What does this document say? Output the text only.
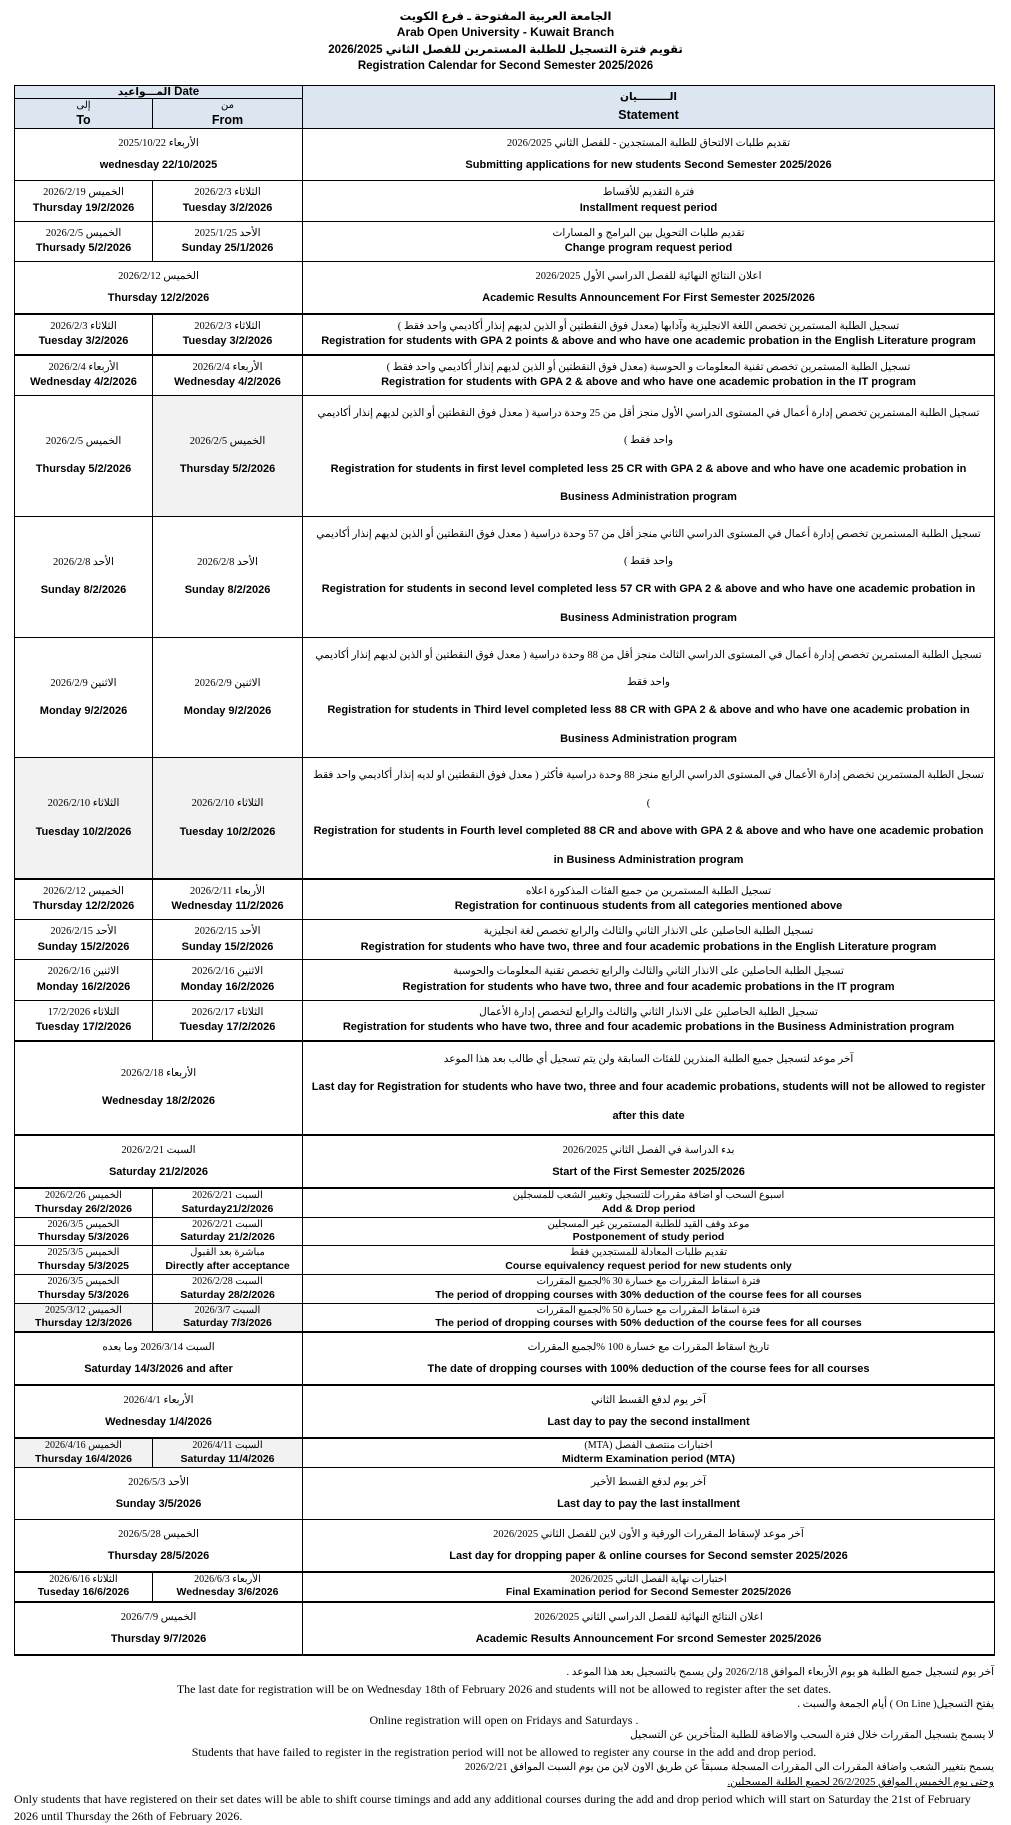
الجامعة العربية المفتوحة ـ فرع الكويت
Arab Open University - Kuwait Branch
تقويم فترة التسجيل للطلبة المستمرين للفصل الثاني 2026/2025
Registration Calendar for Second Semester 2025/2026
المـــواعيد Date		الـــــــــيان
Statement

إلى
To	من
From	

الأربعاء 2025/10/22
wednesday 22/10/2025		تقديم طلبات الالتحاق للطلبة المستجدين - للفصل الثاني 2026/2025
Submitting applications for new students Second Semester 2025/2026

الخميس 2026/2/19
Thursday 19/2/2026	الثلاثاء 2026/2/3
Tuesday 3/2/2026	فترة التقديم للأقساط
Installment request period

الخميس 2026/2/5
Thursady 5/2/2026	الأحد 2025/1/25
Sunday 25/1/2026	تقديم طلبات التحويل بين البرامج و المسارات
Change program request period

الخميس 2026/2/12
Thursday 12/2/2026		اعلان النتائج النهائية للفصل الدراسي الأول 2026/2025
Academic Results Announcement For First Semester 2025/2026

الثلاثاء 2026/2/3
Tuesday 3/2/2026	الثلاثاء 2026/2/3
Tuesday 3/2/2026	تسجيل الطلبة المستمرين تخصص اللغة الانجليزية وآدابها (معدل فوق النقطتين أو الذين لديهم إنذار أكاديمي واحد فقط )
Registration for students with GPA 2 points & above and who have one academic probation in the English Literature program

الأربعاء 2026/2/4
Wednesday 4/2/2026	الأربعاء 2026/2/4
Wednesday 4/2/2026	تسجيل الطلبة المستمرين تخصص تقنية المعلومات و الحوسبة (معدل فوق النقطتين أو الذين لديهم إنذار أكاديمي واحد فقط )
Registration for students with GPA 2 & above and who have one academic probation in the IT program

الخميس 2026/2/5
Thursday 5/2/2026	الخميس 2026/2/5
Thursday 5/2/2026	تسجيل الطلبة المستمرين تخصص إدارة أعمال في المستوى الدراسي الأول منجز أقل من 25 وحدة دراسية ( معدل فوق النقطتين أو الذين لديهم إنذار أكاديمي واحد فقط )
Registration for students in first level completed less 25 CR with GPA 2 & above and who have one academic probation in Business Administration program

الأحد 2026/2/8
Sunday 8/2/2026	الأحد 2026/2/8
Sunday 8/2/2026	تسجيل الطلبة المستمرين تخصص إدارة أعمال في المستوى الدراسي الثاني منجز أقل من 57 وحدة دراسية ( معدل فوق النقطتين أو الذين لديهم إنذار أكاديمي واحد فقط )
Registration for students in second level completed less 57 CR with GPA 2 & above and who have one academic probation in Business Administration program

الاثنين 2026/2/9
Monday 9/2/2026	الاثنين 2026/2/9
Monday 9/2/2026	تسجيل الطلبة المستمرين تخصص إدارة أعمال في المستوى الدراسي الثالث منجز أقل من 88 وحدة دراسية ( معدل فوق النقطتين أو الذين لديهم إنذار أكاديمي واحد فقط
Registration for students in Third level completed less 88 CR with GPA 2 & above and who have one academic probation in Business Administration program

الثلاثاء 2026/2/10
Tuesday 10/2/2026	الثلاثاء 2026/2/10
Tuesday 10/2/2026	تسجل الطلبة المستمرين تخصص إدارة الأعمال في المستوى الدراسي الرابع منجز 88 وحدة دراسية فأكثر ( معدل فوق النقطتين او لديه إنذار أكاديمي واحد فقط )
Registration for students in Fourth level completed 88 CR and above with GPA 2 & above and who have one academic probation in Business Administration program

الخميس 2026/2/12
Thursday 12/2/2026	الأربعاء 2026/2/11
Wednesday 11/2/2026	تسجيل الطلبة المستمرين من جميع الفئات المذكورة اعلاه
Registration for continuous students from all categories mentioned above

الأحد 2026/2/15
Sunday 15/2/2026	الأحد 2026/2/15
Sunday 15/2/2026	تسجيل الطلبة الحاصلين على الانذار الثاني والثالث والرابع تخصص لغة انجليزية
Registration for students who have two, three and four academic probations in the English Literature program

الاثنين 2026/2/16
Monday 16/2/2026	الاثنين 2026/2/16
Monday 16/2/2026	تسجيل الطلبة الحاصلين على الانذار الثاني والثالث والرابع تخصص تقنية المعلومات والحوسبة
Registration for students who have two, three and four academic probations in the IT program

الثلاثاء 17/2/2026
Tuesday 17/2/2026	الثلاثاء 2026/2/17
Tuesday 17/2/2026	تسجيل الطلبة الحاصلين على الانذار الثاني والثالث والرابع لتخصص إدارة الأعمال
Registration for students who have two, three and four academic probations in the Business Administration program

الأربعاء 2026/2/18
Wednesday 18/2/2026		آخر موعد لتسجيل جميع الطلبة المنذرين للفئات السابقة ولن يتم تسجيل أي طالب بعد هذا الموعد
Last day for Registration for students who have two, three and four academic probations, students will not be allowed to register after this date

السبت 2026/2/21
Saturday 21/2/2026		بدء الدراسة في الفصل الثاني 2026/2025
Start of the First Semester 2025/2026

الخميس 2026/2/26
Thursday 26/2/2026	السبت 2026/2/21
Saturday21/2/2026	اسبوع السحب أو اضافة مقررات للتسجيل وتغيير الشعب للمسجلين
Add & Drop period

الخميس 2026/3/5
Thursday 5/3/2026	السبت 2026/2/21
Saturday 21/2/2026	موعد وقف القيد للطلبة المستمرين غير المسجلين
Postponement of study period

الخميس 2025/3/5
Thursday 5/3/2025	مباشرة بعد القبول
Directly after acceptance	تقديم طلبات المعادلة للمستجدين فقط
Course equivalency request period for new students only

الخميس 2026/3/5
Thursday 5/3/2026	السبت 2026/2/28
Saturday 28/2/2026	فترة اسقاط المقررات مع خسارة 30 %لجميع المقررات
The period of dropping courses with 30% deduction of the course fees for all courses

الخميس 2025/3/12
Thursday 12/3/2026	السبت 2026/3/7
Saturday 7/3/2026	فترة اسقاط المقررات مع خسارة 50 %لجميع المقررات
The period of dropping courses with 50% deduction of the course fees for all courses

السبت 2026/3/14 وما بعده
Saturday 14/3/2026 and after		تاريخ اسقاط المقررات مع خسارة 100 %لجميع المقررات
The date of dropping courses with 100% deduction of the course fees for all courses

الأربعاء 2026/4/1
Wednesday 1/4/2026		آخر يوم لدفع القسط الثاني
Last day to pay the second installment

الخميس 2026/4/16
Thursday 16/4/2026	السبت 2026/4/11
Saturday 11/4/2026	اختبارات منتصف الفصل (MTA)
Midterm Examination period (MTA)

الأحد 2026/5/3
Sunday 3/5/2026		آخر يوم لدفع القسط الأخير
Last day to pay the last installment

الخميس 2026/5/28
Thursday 28/5/2026		آخر موعد لإسقاط المقررات الورقية و الأون لاين للفصل الثاني 2026/2025
Last day for dropping paper & online courses for Second semster 2025/2026

الثلاثاء 2026/6/16
Tuseday 16/6/2026	الأربعاء 2026/6/3
Wednesday 3/6/2026	اختبارات نهاية الفصل الثاني 2026/2025
Final Examination period for Second Semester 2025/2026

الخميس 2026/7/9
Thursday 9/7/2026		اعلان النتائج النهائية للفصل الدراسي الثاني 2026/2025
Academic Results Announcement For srcond Semester 2025/2026
آخر يوم لتسجيل جميع الطلبة هو يوم الأربعاء الموافق 2026/2/18 ولن يسمح بالتسجيل بعد هذا الموعد .
The last date for registration will be on Wednesday 18th of February 2026 and students will not be allowed to register after the set dates.
يفتح التسجيل( On Line ) أيام الجمعة والسبت .
Online registration will open on Fridays and Saturdays .
لا يسمح بتسجيل المقررات خلال فترة السحب والاضافة للطلبة المتأخرين عن التسجيل
Students that have failed to register in the registration period will not be allowed to register any course in the add and drop period.
يسمح بتغيير الشعب واضافة المقررات الى المقررات المسجلة مسبقاً عن طريق الاون لاين من يوم السبت الموافق 2026/2/21
وحتى يوم الخميس الموافق 26/2/2025 لجميع الطلبة المسجلين.
Only students that have registered on their set dates will be able to shift course timings and add any additional courses during the add and drop period which will start on Saturday the 21st of February 2026 until Thursday the 26th of February 2026.
